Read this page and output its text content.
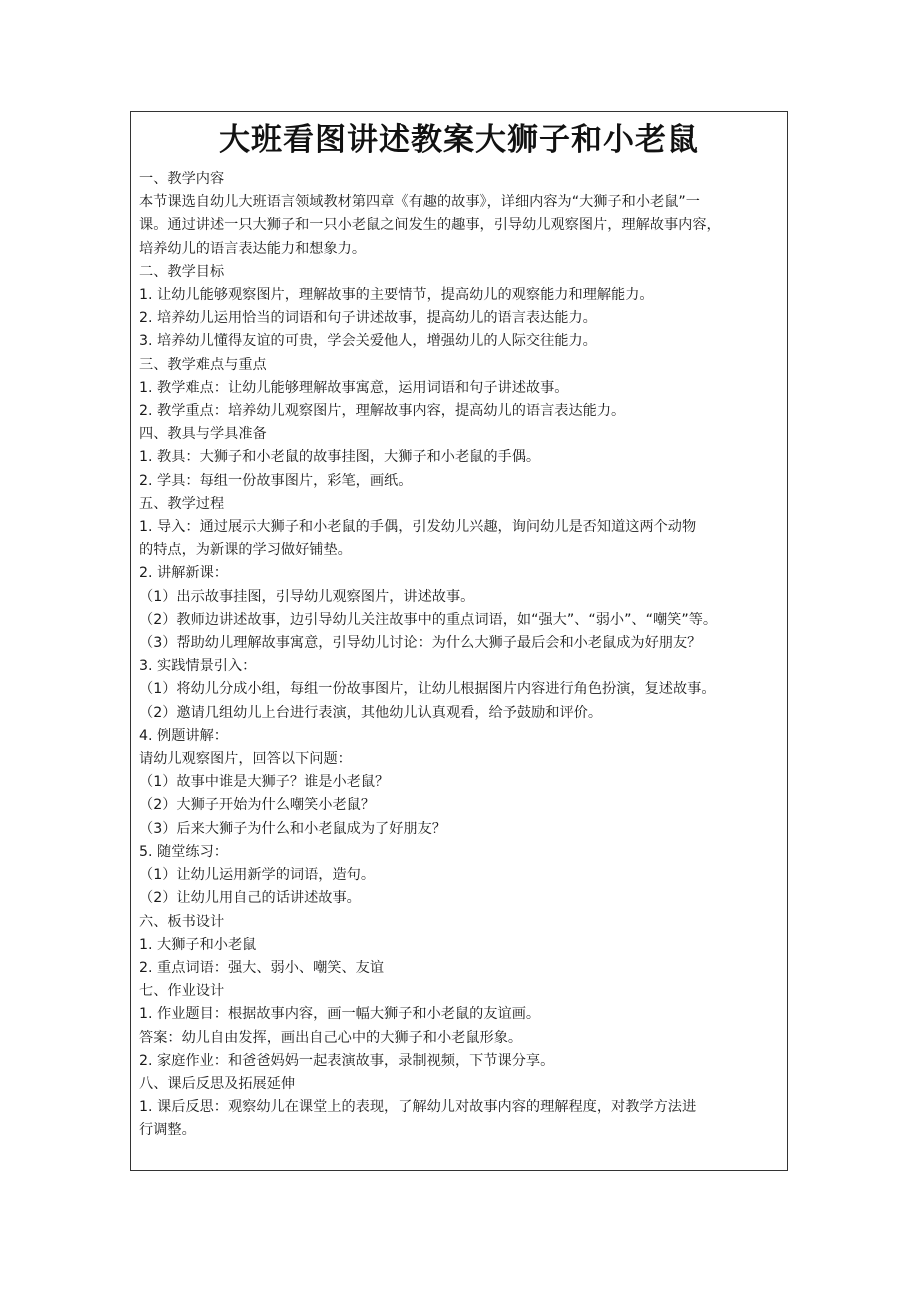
大班看图讲述教案大狮子和小老鼠
一、教学内容
本节课选自幼儿大班语言领域教材第四章《有趣的故事》，详细内容为“大狮子和小老鼠”一
课。通过讲述一只大狮子和一只小老鼠之间发生的趣事，引导幼儿观察图片，理解故事内容，
培养幼儿的语言表达能力和想象力。
二、教学目标
1. 让幼儿能够观察图片，理解故事的主要情节，提高幼儿的观察能力和理解能力。
2. 培养幼儿运用恰当的词语和句子讲述故事，提高幼儿的语言表达能力。
3. 培养幼儿懂得友谊的可贵，学会关爱他人，增强幼儿的人际交往能力。
三、教学难点与重点
1. 教学难点：让幼儿能够理解故事寓意，运用词语和句子讲述故事。
2. 教学重点：培养幼儿观察图片，理解故事内容，提高幼儿的语言表达能力。
四、教具与学具准备
1. 教具：大狮子和小老鼠的故事挂图，大狮子和小老鼠的手偶。
2. 学具：每组一份故事图片，彩笔，画纸。
五、教学过程
1. 导入：通过展示大狮子和小老鼠的手偶，引发幼儿兴趣，询问幼儿是否知道这两个动物
的特点，为新课的学习做好铺垫。
2. 讲解新课：
（1）出示故事挂图，引导幼儿观察图片，讲述故事。
（2）教师边讲述故事，边引导幼儿关注故事中的重点词语，如“强大”、“弱小”、“嘲笑”等。
（3）帮助幼儿理解故事寓意，引导幼儿讨论：为什么大狮子最后会和小老鼠成为好朋友？
3. 实践情景引入：
（1）将幼儿分成小组，每组一份故事图片，让幼儿根据图片内容进行角色扮演，复述故事。
（2）邀请几组幼儿上台进行表演，其他幼儿认真观看，给予鼓励和评价。
4. 例题讲解：
请幼儿观察图片，回答以下问题：
（1）故事中谁是大狮子？谁是小老鼠？
（2）大狮子开始为什么嘲笑小老鼠？
（3）后来大狮子为什么和小老鼠成为了好朋友？
5. 随堂练习：
（1）让幼儿运用新学的词语，造句。
（2）让幼儿用自己的话讲述故事。
六、板书设计
1. 大狮子和小老鼠
2. 重点词语：强大、弱小、嘲笑、友谊
七、作业设计
1. 作业题目：根据故事内容，画一幅大狮子和小老鼠的友谊画。
答案：幼儿自由发挥，画出自己心中的大狮子和小老鼠形象。
2. 家庭作业：和爸爸妈妈一起表演故事，录制视频，下节课分享。
八、课后反思及拓展延伸
1. 课后反思：观察幼儿在课堂上的表现，了解幼儿对故事内容的理解程度，对教学方法进
行调整。
